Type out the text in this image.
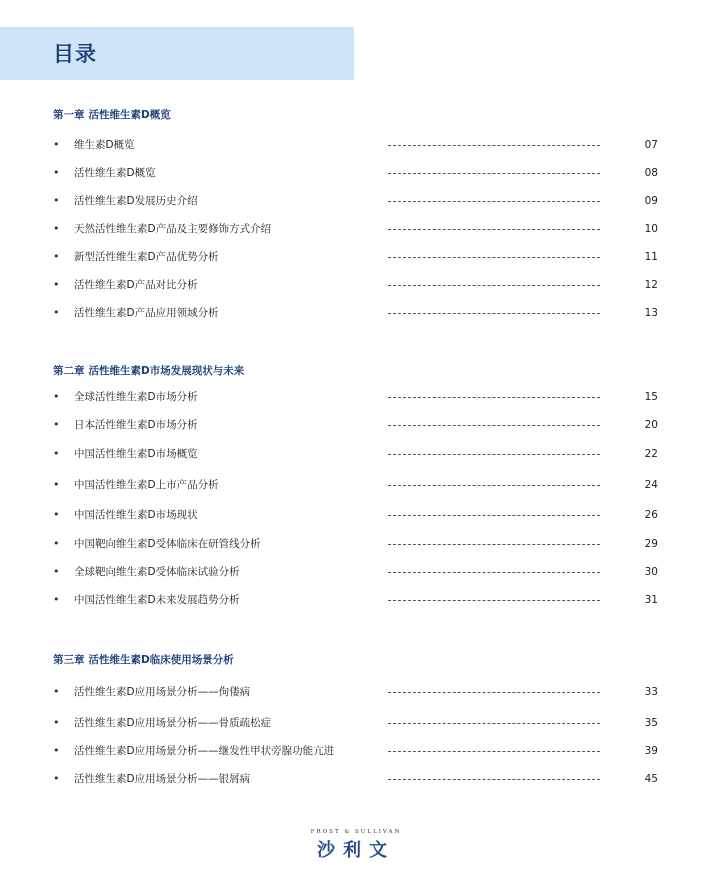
目录
第一章 活性维生素D概览
• 维生素D概览	07
• 活性维生素D概览	08
• 活性维生素D发展历史介绍	09
• 天然活性维生素D产品及主要修饰方式介绍	10
• 新型活性维生素D产品优势分析	11
• 活性维生素D产品对比分析	12
• 活性维生素D产品应用领域分析	13
第二章 活性维生素D市场发展现状与未来
• 全球活性维生素D市场分析	15
• 日本活性维生素D市场分析	20
• 中国活性维生素D市场概览	22
• 中国活性维生素D上市产品分析	24
• 中国活性维生素D市场现状	26
• 中国靶向维生素D受体临床在研管线分析	29
• 全球靶向维生素D受体临床试验分析	30
• 中国活性维生素D未来发展趋势分析	31
第三章 活性维生素D临床使用场景分析
• 活性维生素D应用场景分析——佝偻病	33
• 活性维生素D应用场景分析——骨质疏松症	35
• 活性维生素D应用场景分析——继发性甲状旁腺功能亢进	39
• 活性维生素D应用场景分析——银屑病	45
FROST & SULLIVAN
沙利文
